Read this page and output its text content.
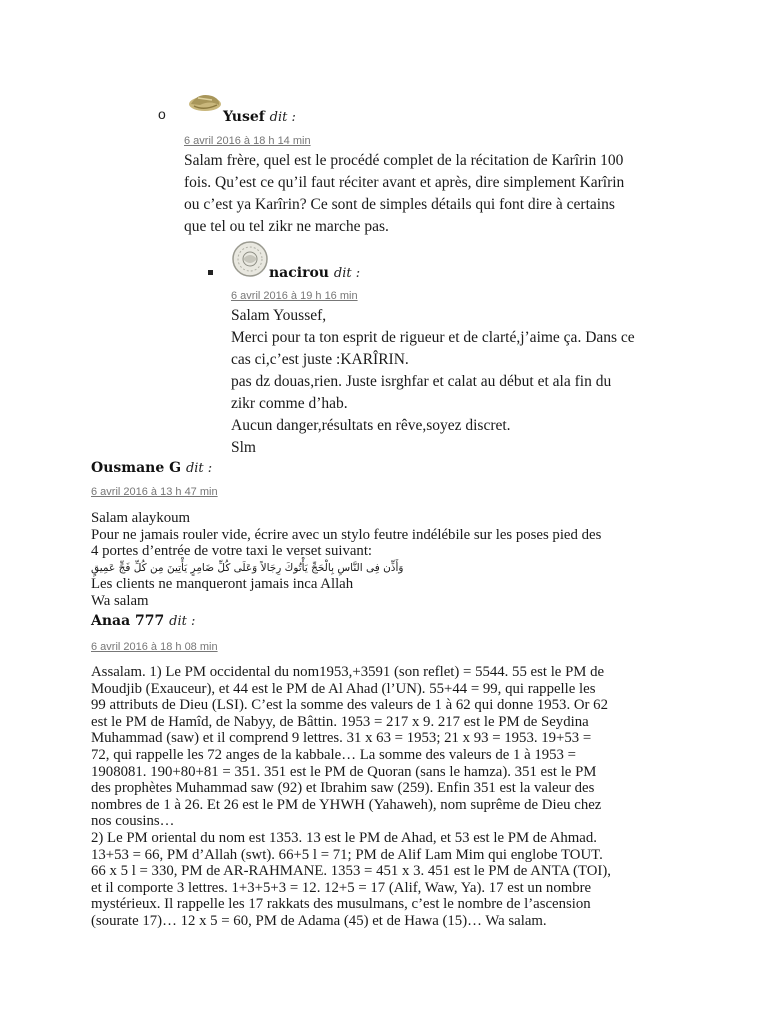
o	Yusef dit :
6 avril 2016 à 18 h 14 min
Salam frère, quel est le procédé complet de la récitation de Karîrin 100
fois. Qu’est ce qu’il faut réciter avant et après, dire simplement Karîrin
ou c’est ya Karîrin? Ce sont de simples détails qui font dire à certains
que tel ou tel zikr ne marche pas.
nacirou dit :
6 avril 2016 à 19 h 16 min
Salam Youssef,
Merci pour ta ton esprit de rigueur et de clarté,j’aime ça. Dans ce
cas ci,c’est juste :KARÎRIN.
pas dz douas,rien. Juste isrghfar et calat au début et ala fin du
zikr comme d’hab.
Aucun danger,résultats en rêve,soyez discret.
Slm
Ousmane G dit :
6 avril 2016 à 13 h 47 min
Salam alaykoum
Pour ne jamais rouler vide, écrire avec un stylo feutre indélébile sur les poses pied des
4 portes d’entrée de votre taxi le verset suivant:
وَأَذِّن فِى النَّاسِ بِالْحَجِّ يَأْتُوكَ رِجَالاً وَعَلَى كُلِّ ضَامِرٍ يَأْتِينَ مِن كُلِّ فَجٍّ عَمِيقٍ
Les clients ne manqueront jamais inca Allah
Wa salam
Anaa 777 dit :
6 avril 2016 à 18 h 08 min
Assalam. 1) Le PM occidental du nom1953,+3591 (son reflet) = 5544. 55 est le PM de
Moudjib (Exauceur), et 44 est le PM de Al Ahad (l’UN). 55+44 = 99, qui rappelle les
99 attributs de Dieu (LSI). C’est la somme des valeurs de 1 à 62 qui donne 1953. Or 62
est le PM de Hamîd, de Nabyy, de Bâttin. 1953 = 217 x 9. 217 est le PM de Seydina
Muhammad (saw) et il comprend 9 lettres. 31 x 63 = 1953; 21 x 93 = 1953. 19+53 =
72, qui rappelle les 72 anges de la kabbale… La somme des valeurs de 1 à 1953 =
1908081. 190+80+81 = 351. 351 est le PM de Quoran (sans le hamza). 351 est le PM
des prophètes Muhammad saw (92) et Ibrahim saw (259). Enfin 351 est la valeur des
nombres de 1 à 26. Et 26 est le PM de YHWH (Yahaweh), nom suprême de Dieu chez
nos cousins…
2) Le PM oriental du nom est 1353. 13 est le PM de Ahad, et 53 est le PM de Ahmad.
13+53 = 66, PM d’Allah (swt). 66+5 l = 71; PM de Alif Lam Mim qui englobe TOUT.
66 x 5 l = 330, PM de AR-RAHMANE. 1353 = 451 x 3. 451 est le PM de ANTA (TOI),
et il comporte 3 lettres. 1+3+5+3 = 12. 12+5 = 17 (Alif, Waw, Ya). 17 est un nombre
mystérieux. Il rappelle les 17 rakkats des musulmans, c’est le nombre de l’ascension
(sourate 17)… 12 x 5 = 60, PM de Adama (45) et de Hawa (15)… Wa salam.
